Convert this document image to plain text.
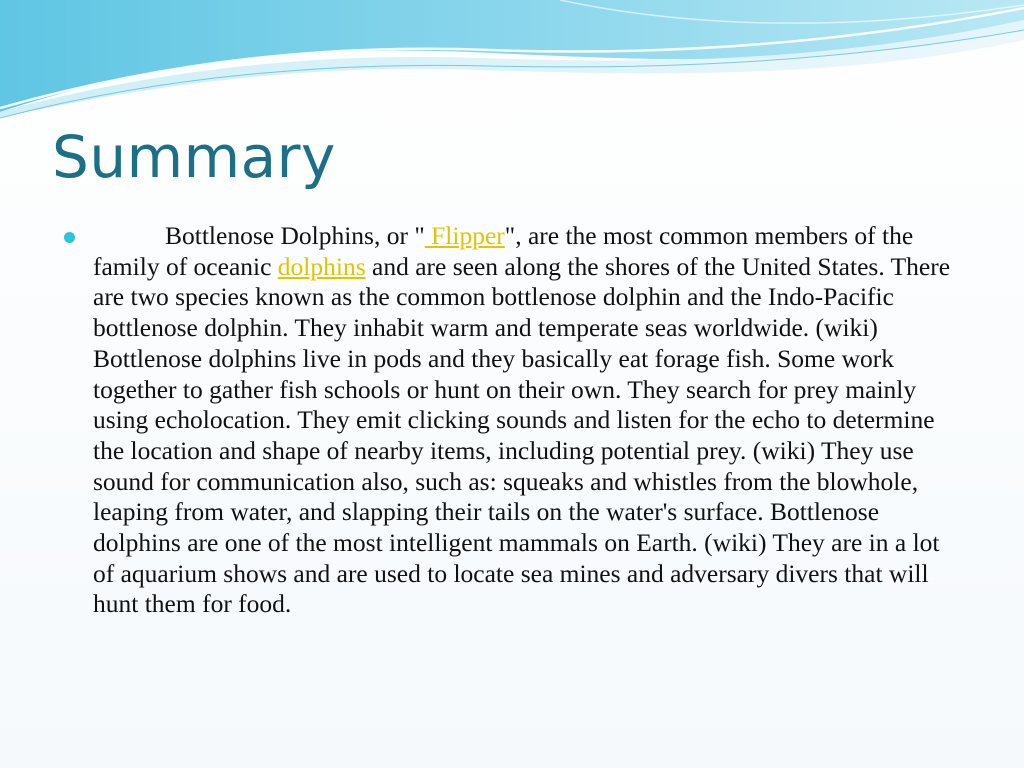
Summary
Bottlenose Dolphins, or " Flipper", are the most common members of the family of oceanic dolphins and are seen along the shores of the United States. There are two species known as the common bottlenose dolphin and the Indo-Pacific bottlenose dolphin. They inhabit warm and temperate seas worldwide. (wiki) Bottlenose dolphins live in pods and they basically eat forage fish. Some work together to gather fish schools or hunt on their own. They search for prey mainly using echolocation. They emit clicking sounds and listen for the echo to determine the location and shape of nearby items, including potential prey. (wiki) They use sound for communication also, such as: squeaks and whistles from the blowhole, leaping from water, and slapping their tails on the water's surface. Bottlenose dolphins are one of the most intelligent mammals on Earth. (wiki) They are in a lot of aquarium shows and are used to locate sea mines and adversary divers that will hunt them for food.
